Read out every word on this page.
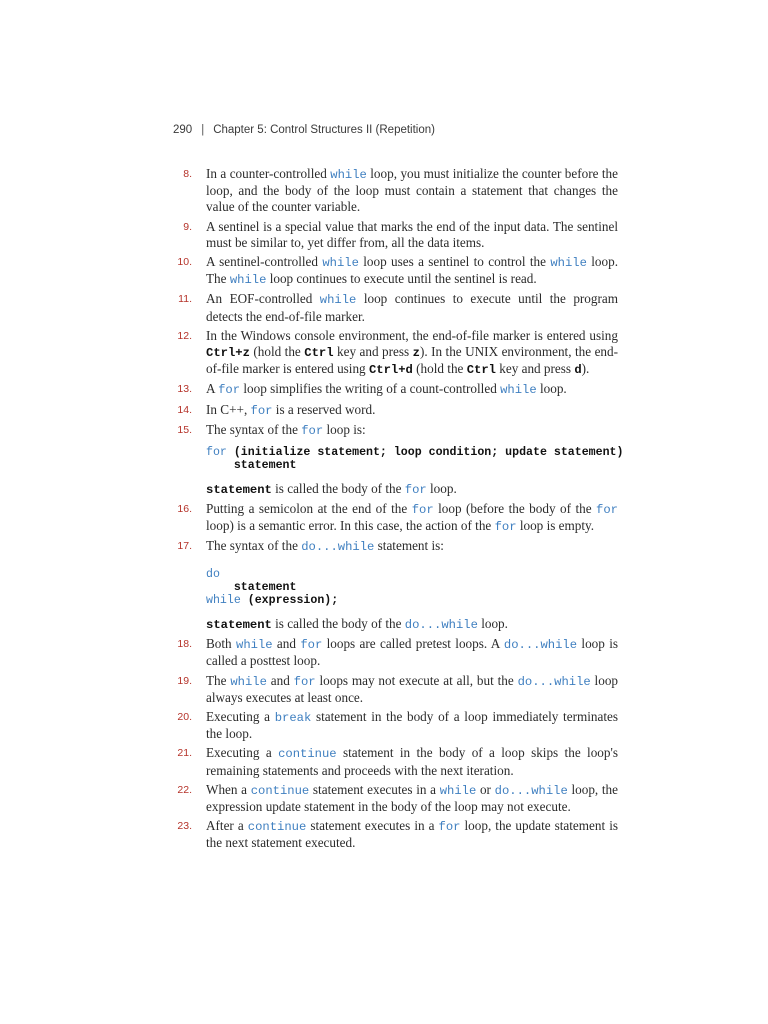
290 | Chapter 5: Control Structures II (Repetition)
8. In a counter-controlled while loop, you must initialize the counter before the loop, and the body of the loop must contain a statement that changes the value of the counter variable.
9. A sentinel is a special value that marks the end of the input data. The sentinel must be similar to, yet differ from, all the data items.
10. A sentinel-controlled while loop uses a sentinel to control the while loop. The while loop continues to execute until the sentinel is read.
11. An EOF-controlled while loop continues to execute until the program detects the end-of-file marker.
12. In the Windows console environment, the end-of-file marker is entered using Ctrl+z (hold the Ctrl key and press z). In the UNIX environment, the end-of-file marker is entered using Ctrl+d (hold the Ctrl key and press d).
13. A for loop simplifies the writing of a count-controlled while loop.
14. In C++, for is a reserved word.
15. The syntax of the for loop is:
for (initialize statement; loop condition; update statement)
statement
statement is called the body of the for loop.
16. Putting a semicolon at the end of the for loop (before the body of the for loop) is a semantic error. In this case, the action of the for loop is empty.
17. The syntax of the do...while statement is:
do
statement
while (expression);
statement is called the body of the do...while loop.
18. Both while and for loops are called pretest loops. A do...while loop is called a posttest loop.
19. The while and for loops may not execute at all, but the do...while loop always executes at least once.
20. Executing a break statement in the body of a loop immediately terminates the loop.
21. Executing a continue statement in the body of a loop skips the loop's remaining statements and proceeds with the next iteration.
22. When a continue statement executes in a while or do...while loop, the expression update statement in the body of the loop may not execute.
23. After a continue statement executes in a for loop, the update statement is the next statement executed.
